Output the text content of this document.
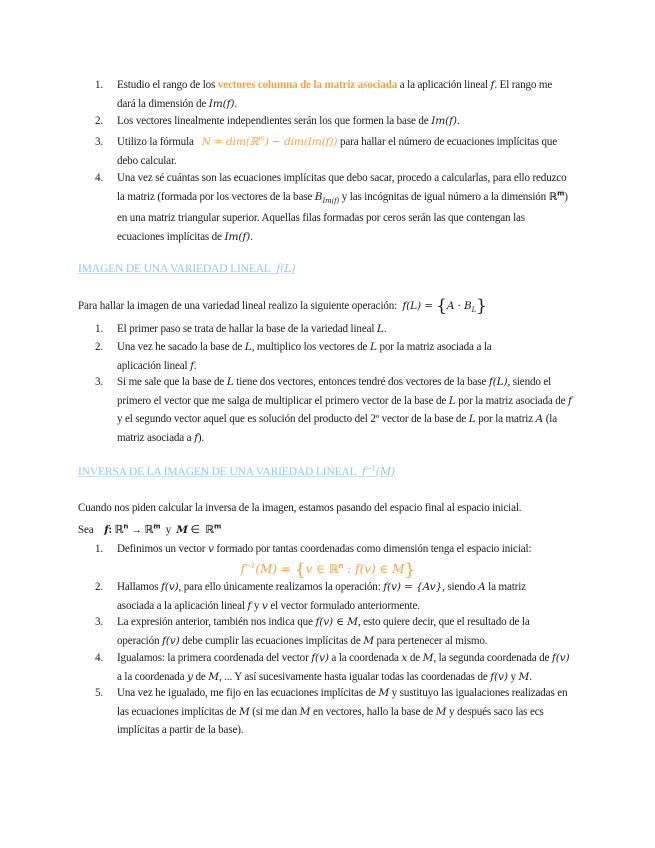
1. Estudio el rango de los vectores columna de la matriz asociada a la aplicación lineal f. El rango me dará la dimensión de Im(f).
2. Los vectores linealmente independientes serán los que formen la base de Im(f).
3. Utilizo la fórmula N = dim(ℝ$^m$) − dim(Im(f)) para hallar el número de ecuaciones implícitas que debo calcular.
4. Una vez sé cuántas son las ecuaciones implícitas que debo sacar, procedo a calcularlas, para ello reduzco la matriz (formada por los vectores de la base $B_{Im(f)}$ y las incógnitas de igual número a la dimensión ℝ$^m$)
en una matriz triangular superior. Aquellas filas formadas por ceros serán las que contengan las ecuaciones implícitas de Im(f).
IMAGEN DE UNA VARIEDAD LINEAL f(L)
Para hallar la imagen de una variedad lineal realizo la siguiente operación: $f(L) = \{A \cdot B_L\}$
1. El primer paso se trata de hallar la base de la variedad lineal L.
2. Una vez he sacado la base de L, multiplico los vectores de L por la matriz asociada a la
aplicación lineal f.
3. Si me sale que la base de L tiene dos vectores, entonces tendré dos vectores de la base f(L), siendo el primero el vector que me salga de multiplicar el primero vector de la base de L por la matriz asociada de f y el segundo vector aquel que es solución del producto del 2º vector de la base de L por la matriz A (la matriz asociada a f).
INVERSA DE LA IMAGEN DE UNA VARIEDAD LINEAL $f^{-1}(M)$
Cuando nos piden calcular la inversa de la imagen, estamos pasando del espacio final al espacio inicial.
Sea f: ℝ$^n$ → ℝ$^m$ y M ∈ ℝ$^m$
1. Definimos un vector v formado por tantas coordenadas como dimensión tenga el espacio inicial:
$f^{-1}(M) = \{v$ ∈ ℝ$^n$ : f(v) ∈ M}
2. Hallamos f(v), para ello únicamente realizamos la operación: f(v) = {Av}, siendo A la matriz
asociada a la aplicación lineal f y v el vector formulado anteriormente.
3. La expresión anterior, también nos indica que f(v) ∈ M, esto quiere decir, que el resultado de la operación f(v) debe cumplir las ecuaciones implícitas de M para pertenecer al mismo.
4. Igualamos: la primera coordenada del vector f(v) a la coordenada x de M, la segunda coordenada de f(v) a la coordenada y de M, ... Y así sucesivamente hasta igualar todas las coordenadas de f(v) y M.
5. Una vez he igualado, me fijo en las ecuaciones implícitas de M y sustituyo las igualaciones realizadas en las ecuaciones implícitas de M (si me dan M en vectores, hallo la base de M y después saco las ecs implícitas a partir de la base).
